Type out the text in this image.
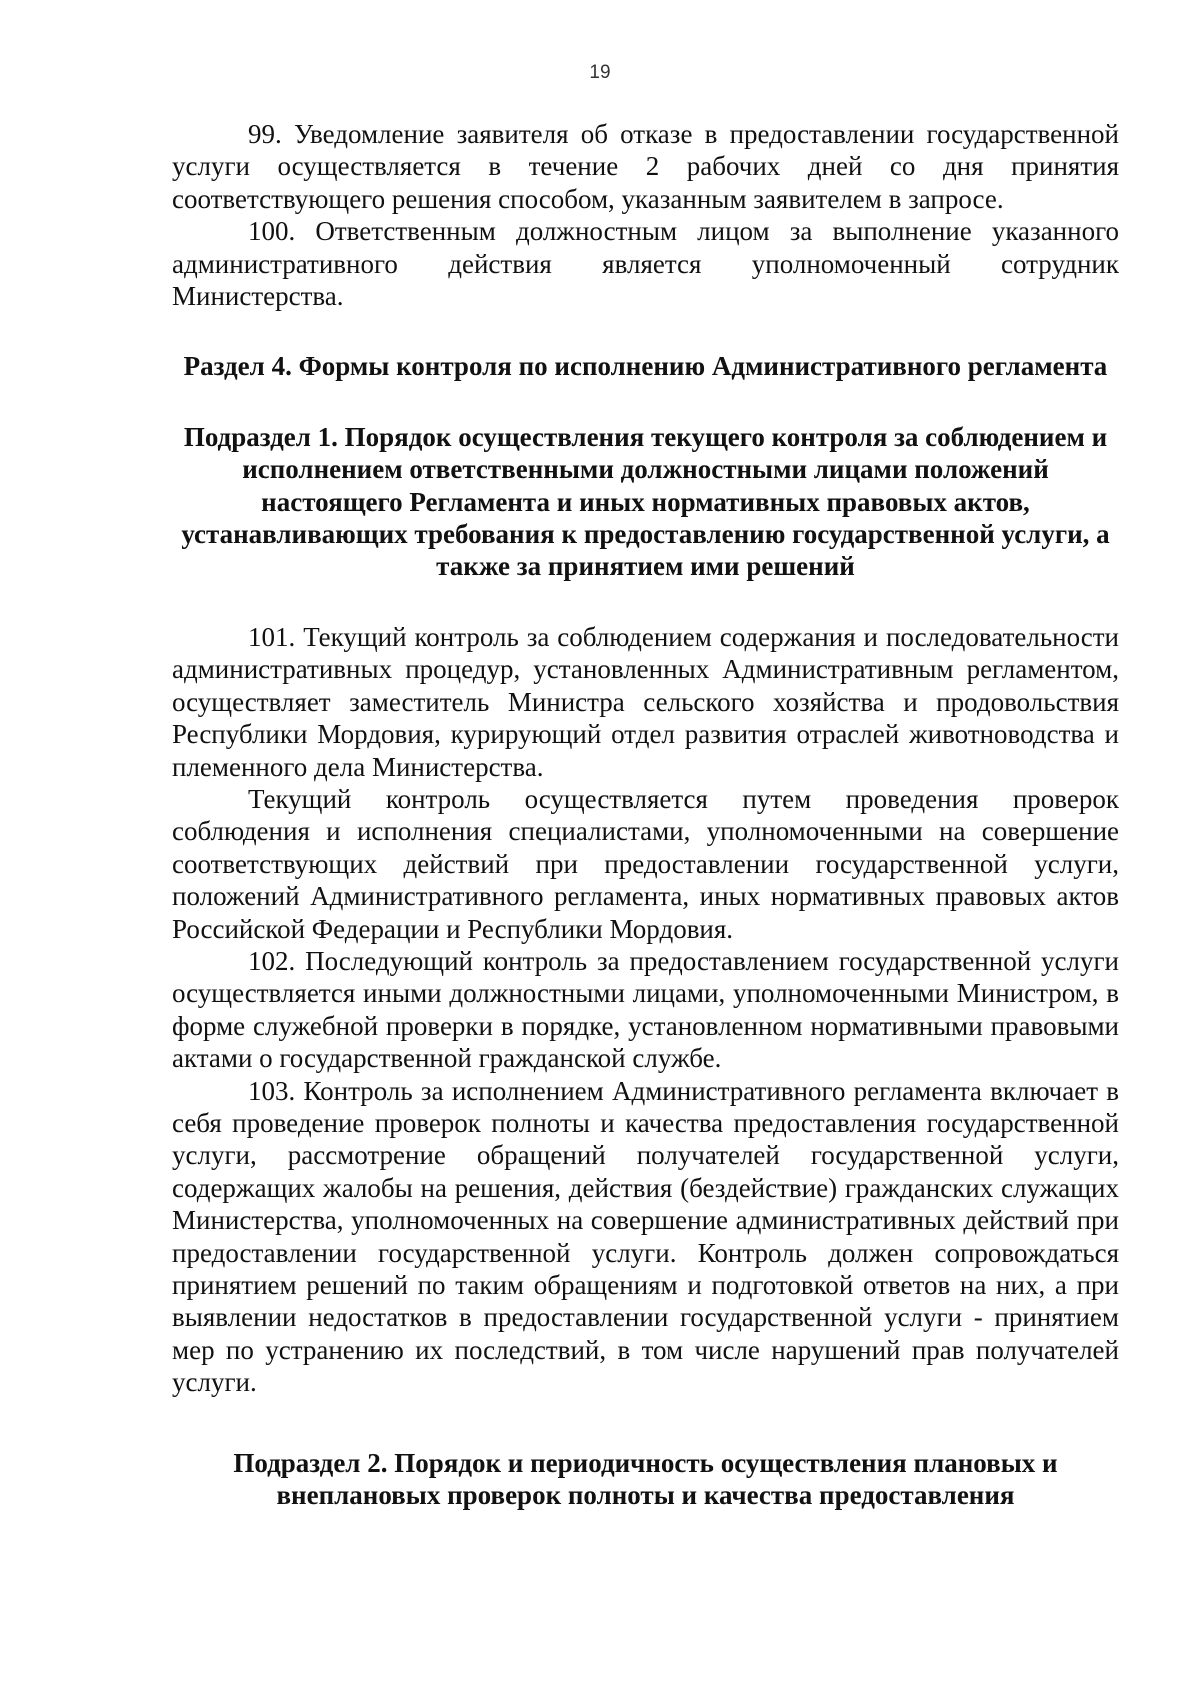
19

99. Уведомление заявителя об отказе в предоставлении государственной услуги осуществляется в течение 2 рабочих дней со дня принятия соответствующего решения способом, указанным заявителем в запросе.

100. Ответственным должностным лицом за выполнение указанного административного действия является уполномоченный сотрудник Министерства.

Раздел 4. Формы контроля по исполнению Административного регламента
Подраздел 1. Порядок осуществления текущего контроля за соблюдением и исполнением ответственными должностными лицами положений настоящего Регламента и иных нормативных правовых актов, устанавливающих требования к предоставлению государственной услуги, а также за принятием ими решений

101. Текущий контроль за соблюдением содержания и последовательности административных процедур, установленных Административным регламентом, осуществляет заместитель Министра сельского хозяйства и продовольствия Республики Мордовия, курирующий отдел развития отраслей животноводства и племенного дела Министерства.

Текущий контроль осуществляется путем проведения проверок соблюдения и исполнения специалистами, уполномоченными на совершение соответствующих действий при предоставлении государственной услуги, положений Административного регламента, иных нормативных правовых актов Российской Федерации и Республики Мордовия.

102. Последующий контроль за предоставлением государственной услуги осуществляется иными должностными лицами, уполномоченными Министром, в форме служебной проверки в порядке, установленном нормативными правовыми актами о государственной гражданской службе.

103. Контроль за исполнением Административного регламента включает в себя проведение проверок полноты и качества предоставления государственной услуги, рассмотрение обращений получателей государственной услуги, содержащих жалобы на решения, действия (бездействие) гражданских служащих Министерства, уполномоченных на совершение административных действий при предоставлении государственной услуги. Контроль должен сопровождаться принятием решений по таким обращениям и подготовкой ответов на них, а при выявлении недостатков в предоставлении государственной услуги - принятием мер по устранению их последствий, в том числе нарушений прав получателей услуги.

Подраздел 2. Порядок и периодичность осуществления плановых и внеплановых проверок полноты и качества предоставления
